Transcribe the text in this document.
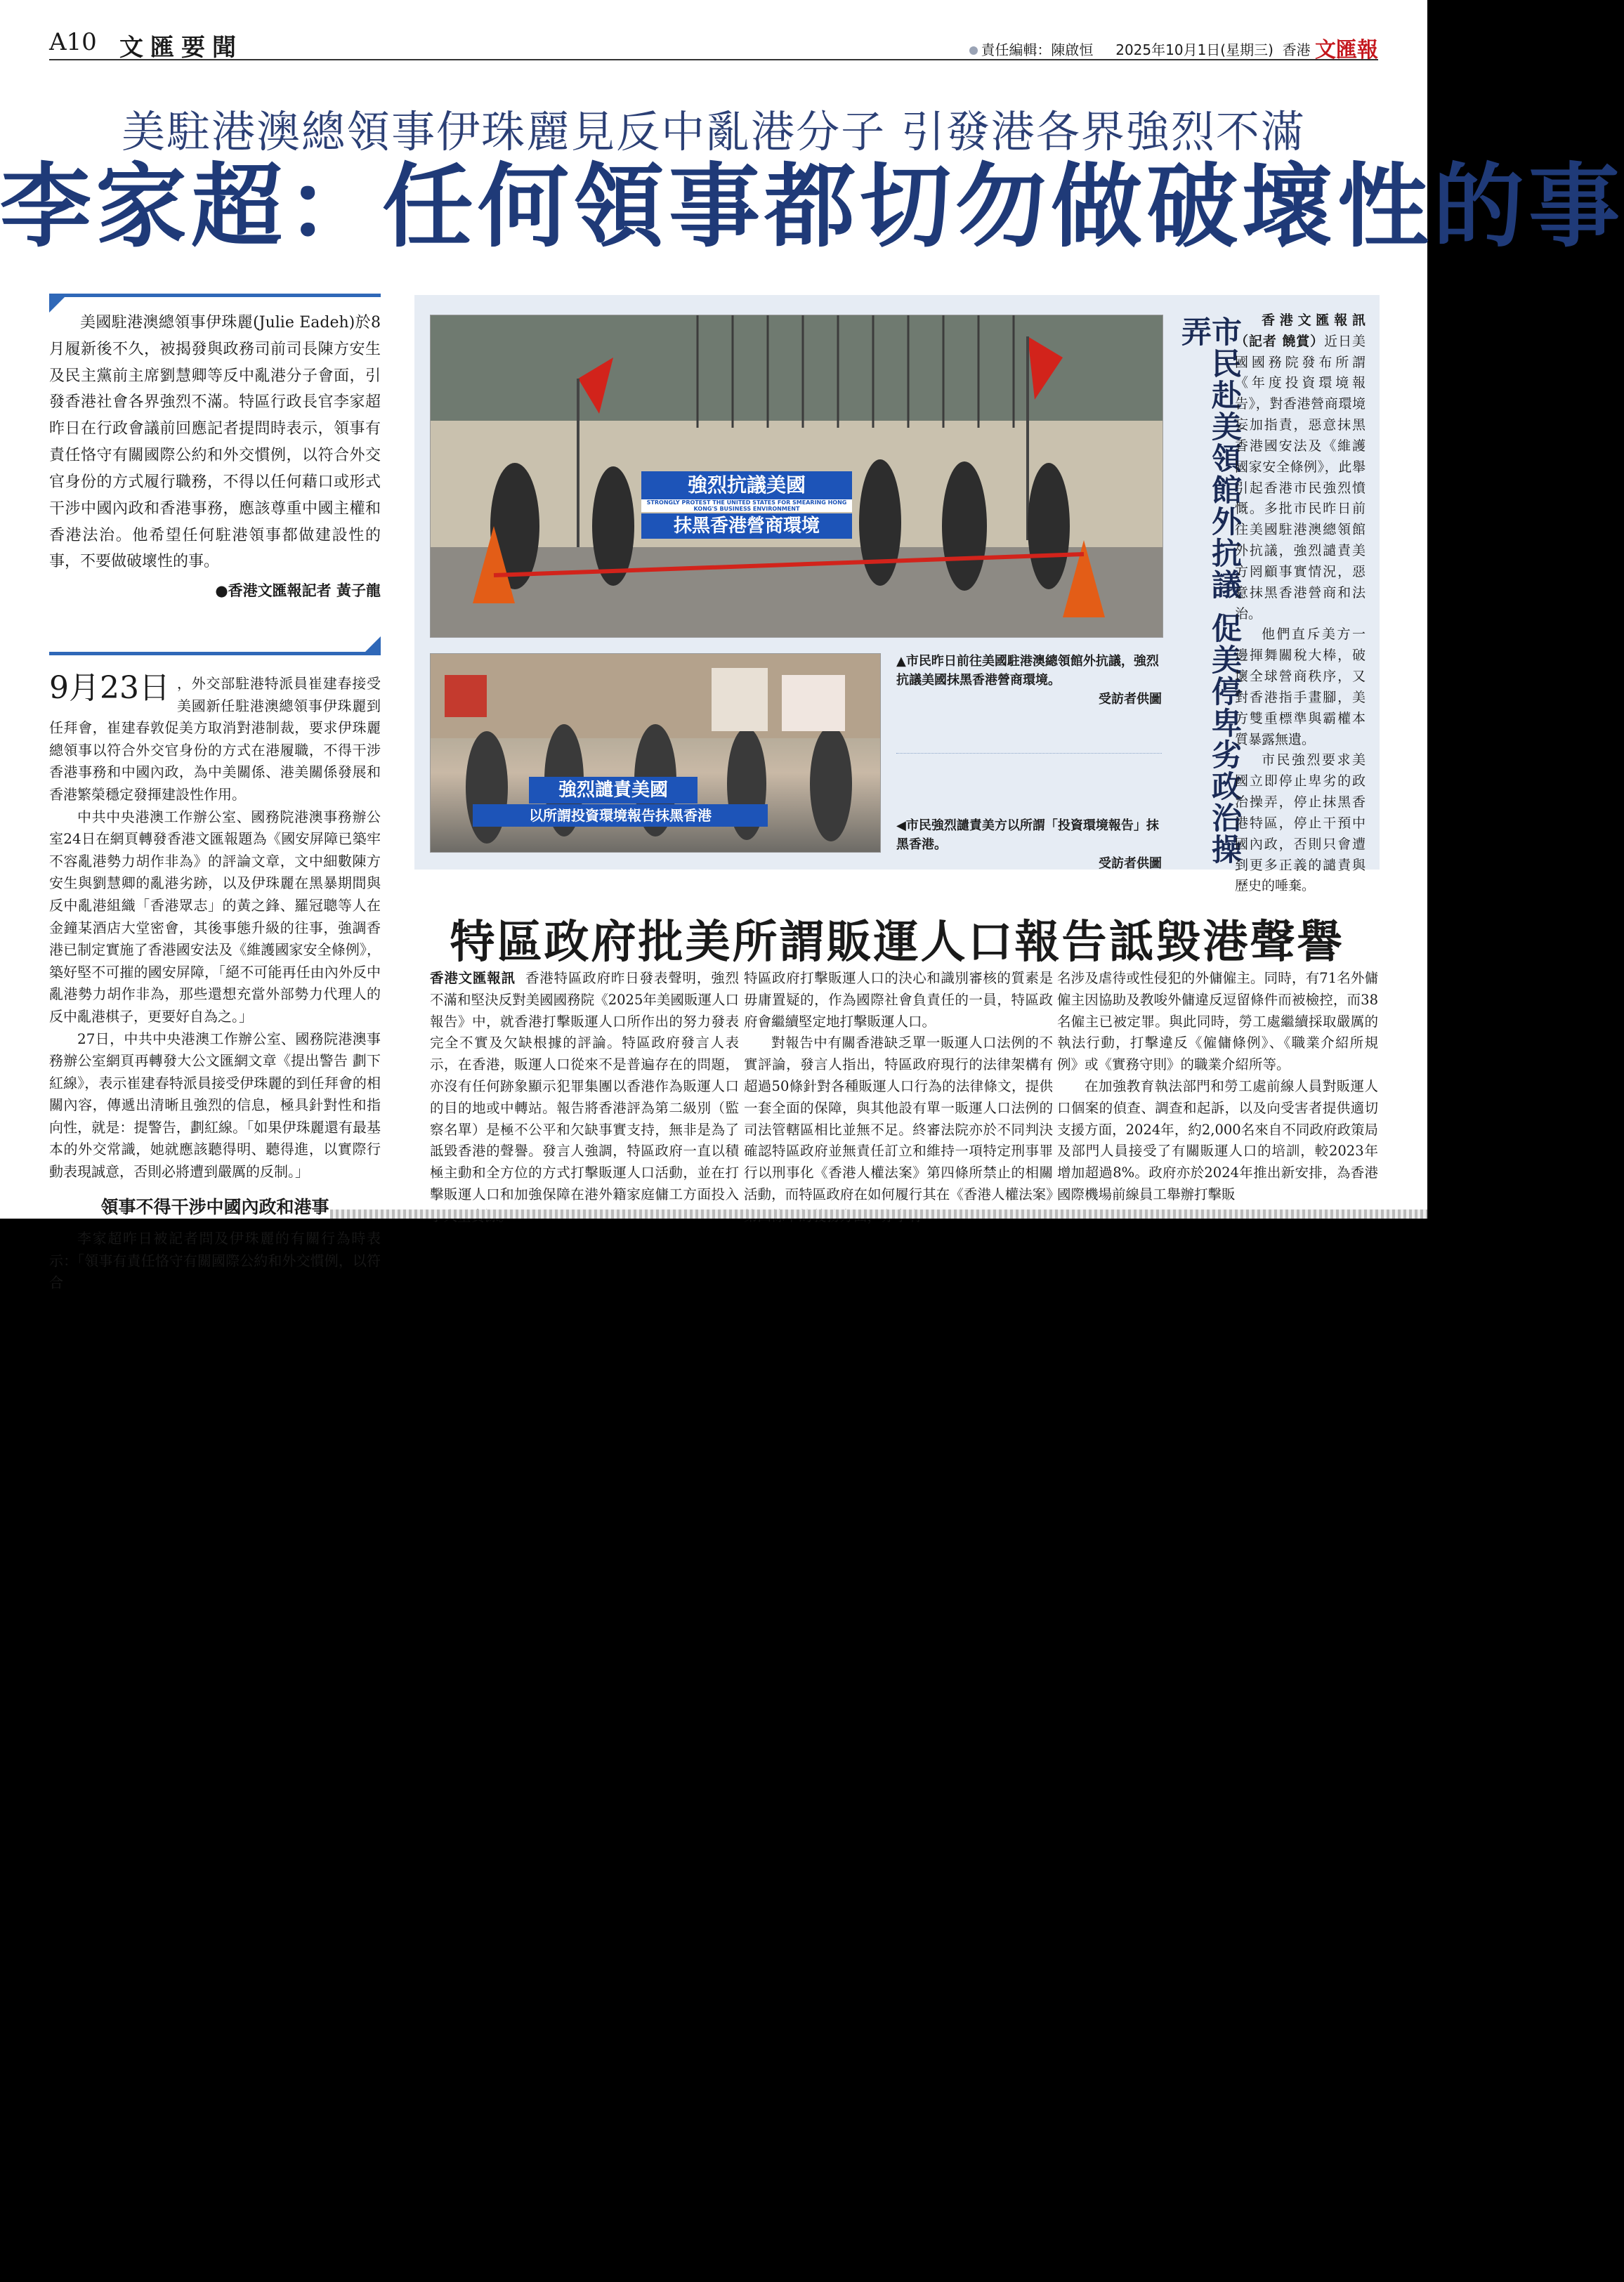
A10 文匯要聞	責任編輯：陳啟恒 2025年10月1日(星期三) 香港 文匯報
美駐港澳總領事伊珠麗見反中亂港分子 引發港各界強烈不滿
李家超：任何領事都切勿做破壞性的事

美國駐港澳總領事伊珠麗(Julie Eadeh)於8月履新後不久，被揭發與政務司前司長陳方安生及民主黨前主席劉慧卿等反中亂港分子會面，引發香港社會各界強烈不滿。特區行政長官李家超昨日在行政會議前回應記者提問時表示，領事有責任恪守有關國際公約和外交慣例，以符合外交官身份的方式履行職務，不得以任何藉口或形式干涉中國內政和香港事務，應該尊重中國主權和香港法治。他希望任何駐港領事都做建設性的事，不要做破壞性的事。

●香港文匯報記者 黃子龍

9月23日 ，外交部駐港特派員崔建春接受美國新任駐港澳總領事伊珠麗到任拜會，崔建春敦促美方取消對港制裁，要求伊珠麗總領事以符合外交官身份的方式在港履職，不得干涉香港事務和中國內政，為中美關係、港美關係發展和香港繁榮穩定發揮建設性作用。

中共中央港澳工作辦公室、國務院港澳事務辦公室24日在網頁轉發香港文匯報題為《國安屏障已築牢 不容亂港勢力胡作非為》的評論文章，文中細數陳方安生與劉慧卿的亂港劣跡，以及伊珠麗在黑暴期間與反中亂港組織「香港眾志」的黃之鋒、羅冠聰等人在金鐘某酒店大堂密會，其後事態升級的往事，強調香港已制定實施了香港國安法及《維護國家安全條例》，築好堅不可摧的國安屏障，「絕不可能再任由內外反中亂港勢力胡作非為，那些還想充當外部勢力代理人的反中亂港棋子，更要好自為之。」

27日，中共中央港澳工作辦公室、國務院港澳事務辦公室網頁再轉發大公文匯網文章《提出警告 劃下紅線》，表示崔建春特派員接受伊珠麗的到任拜會的相關內容，傳遞出清晰且強烈的信息，極具針對性和指向性，就是：提警告，劃紅線。「如果伊珠麗還有最基本的外交常識，她就應該聽得明、聽得進，以實際行動表現誠意，否則必將遭到嚴厲的反制。」

領事不得干涉中國內政和港事

李家超昨日被記者問及伊珠麗的有關行為時表示：「領事有責任恪守有關國際公約和外交慣例，以符合

強烈抗議美國
STRONGLY PROTEST THE UNITED STATES FOR SMEARING HONG KONG'S BUSINESS ENVIRONMENT
抹黑香港營商環境
強烈譴責美國
以所謂投資環境報告抹黑香港
▲市民昨日前往美國駐港澳總領館外抗議，強烈抗議美國抹黑香港營商環境。
受訪者供圖
◀市民強烈譴責美方以所謂「投資環境報告」抹黑香港。
受訪者供圖	市民赴美領館外抗議 促美停卑劣政治操弄	香港文匯報訊（記者 饒賞）近日美國國務院發布所謂《年度投資環境報告》，對香港營商環境妄加指責，惡意抹黑香港國安法及《維護國家安全條例》，此舉引起香港市民強烈憤慨。多批市民昨日前往美國駐港澳總領館外抗議，強烈譴責美方罔顧事實情況，惡意抹黑香港營商和法治。

他們直斥美方一邊揮舞關稅大棒，破壞全球營商秩序，又對香港指手畫腳，美方雙重標準與霸權本質暴露無遺。

市民強烈要求美國立即停止卑劣的政治操弄，停止抹黑香港特區，停止干預中國內政，否則只會遭到更多正義的譴責與歷史的唾棄。

特區政府批美所謂販運人口報告詆毀港聲譽

香港文匯報訊 香港特區政府昨日發表聲明，強烈不滿和堅決反對美國國務院《2025年美國販運人口報告》中，就香港打擊販運人口所作出的努力發表完全不實及欠缺根據的評論。特區政府發言人表示，在香港，販運人口從來不是普遍存在的問題，亦沒有任何跡象顯示犯罪集團以香港作為販運人口的目的地或中轉站。報告將香港評為第二級別（監察名單）是極不公平和欠缺事實支持，無非是為了詆毀香港的聲譽。發言人強調，特區政府一直以積極主動和全方位的方式打擊販運人口活動，並在打擊販運人口和加強保障在港外籍家庭傭工方面投入

特區政府打擊販運人口的決心和識別審核的質素是毋庸置疑的，作為國際社會負責任的一員，特區政府會繼續堅定地打擊販運人口。

對報告中有關香港缺乏單一販運人口法例的不實評論，發言人指出，特區政府現行的法律架構有超過50條針對各種販運人口行為的法律條文，提供一套全面的保障，與其他設有單一販運人口法例的司法管轄區相比並無不足。終審法院亦於不同判決確認特區政府並無責任訂立和維持一項特定刑事罪行以刑事化《香港人權法案》第四條所禁止的相關活動，而特區政府在如何履行其在《香港人權法案》

名涉及虐待或性侵犯的外傭僱主。同時，有71名外傭僱主因協助及教唆外傭違反逗留條件而被檢控，而38名僱主已被定罪。與此同時，勞工處繼續採取嚴厲的執法行動，打擊違反《僱傭條例》、《職業介紹所規例》或《實務守則》的職業介紹所等。

在加強教育執法部門和勞工處前線人員對販運人口個案的偵查、調查和起訴，以及向受害者提供適切支援方面，2024年，約2,000名來自不同政府政策局及部門人員接受了有關販運人口的培訓，較2023年增加超過8%。政府亦於2024年推出新安排，為香港國際機場前線員工舉辦打擊販
